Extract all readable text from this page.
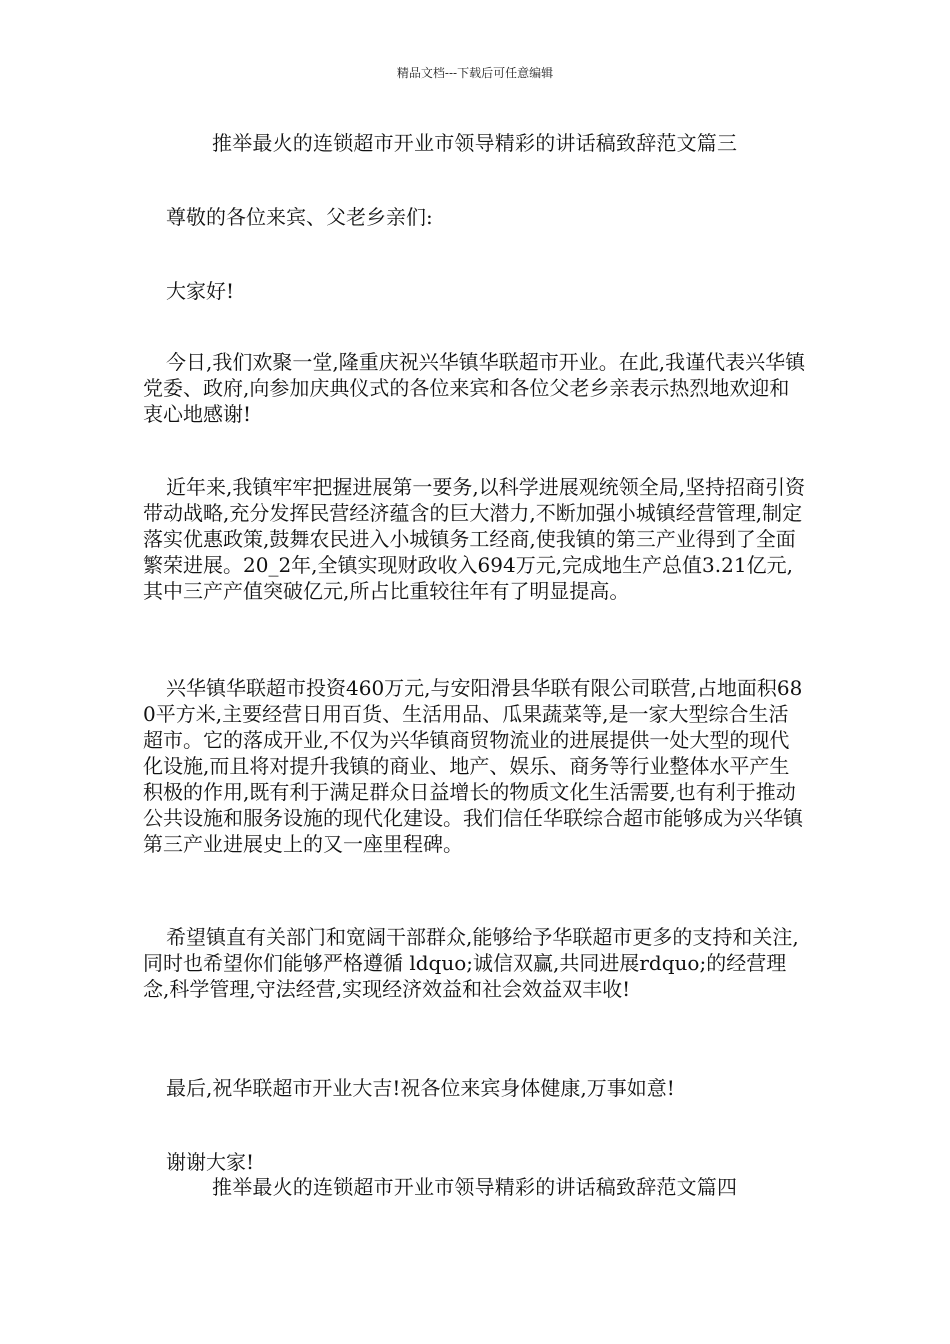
精品文档---下载后可任意编辑
推举最火的连锁超市开业市领导精彩的讲话稿致辞范文篇三

尊敬的各位来宾、父老乡亲们:

大家好!

今日,我们欢聚一堂,隆重庆祝兴华镇华联超市开业。在此,我谨代表兴华镇党委、政府,向参加庆典仪式的各位来宾和各位父老乡亲表示热烈地欢迎和衷心地感谢!

近年来,我镇牢牢把握进展第一要务,以科学进展观统领全局,坚持招商引资带动战略,充分发挥民营经济蕴含的巨大潜力,不断加强小城镇经营管理,制定落实优惠政策,鼓舞农民进入小城镇务工经商,使我镇的第三产业得到了全面繁荣进展。20_2年,全镇实现财政收入694万元,完成地生产总值3.21亿元,其中三产产值突破亿元,所占比重较往年有了明显提高。

兴华镇华联超市投资460万元,与安阳滑县华联有限公司联营,占地面积680平方米,主要经营日用百货、生活用品、瓜果蔬菜等,是一家大型综合生活超市。它的落成开业,不仅为兴华镇商贸物流业的进展提供一处大型的现代化设施,而且将对提升我镇的商业、地产、娱乐、商务等行业整体水平产生积极的作用,既有利于满足群众日益增长的物质文化生活需要,也有利于推动公共设施和服务设施的现代化建设。我们信任华联综合超市能够成为兴华镇第三产业进展史上的又一座里程碑。

希望镇直有关部门和宽阔干部群众,能够给予华联超市更多的支持和关注,同时也希望你们能够严格遵循 ldquo;诚信双赢,共同进展rdquo;的经营理念,科学管理,守法经营,实现经济效益和社会效益双丰收!

最后,祝华联超市开业大吉!祝各位来宾身体健康,万事如意!

谢谢大家!

推举最火的连锁超市开业市领导精彩的讲话稿致辞范文篇四
